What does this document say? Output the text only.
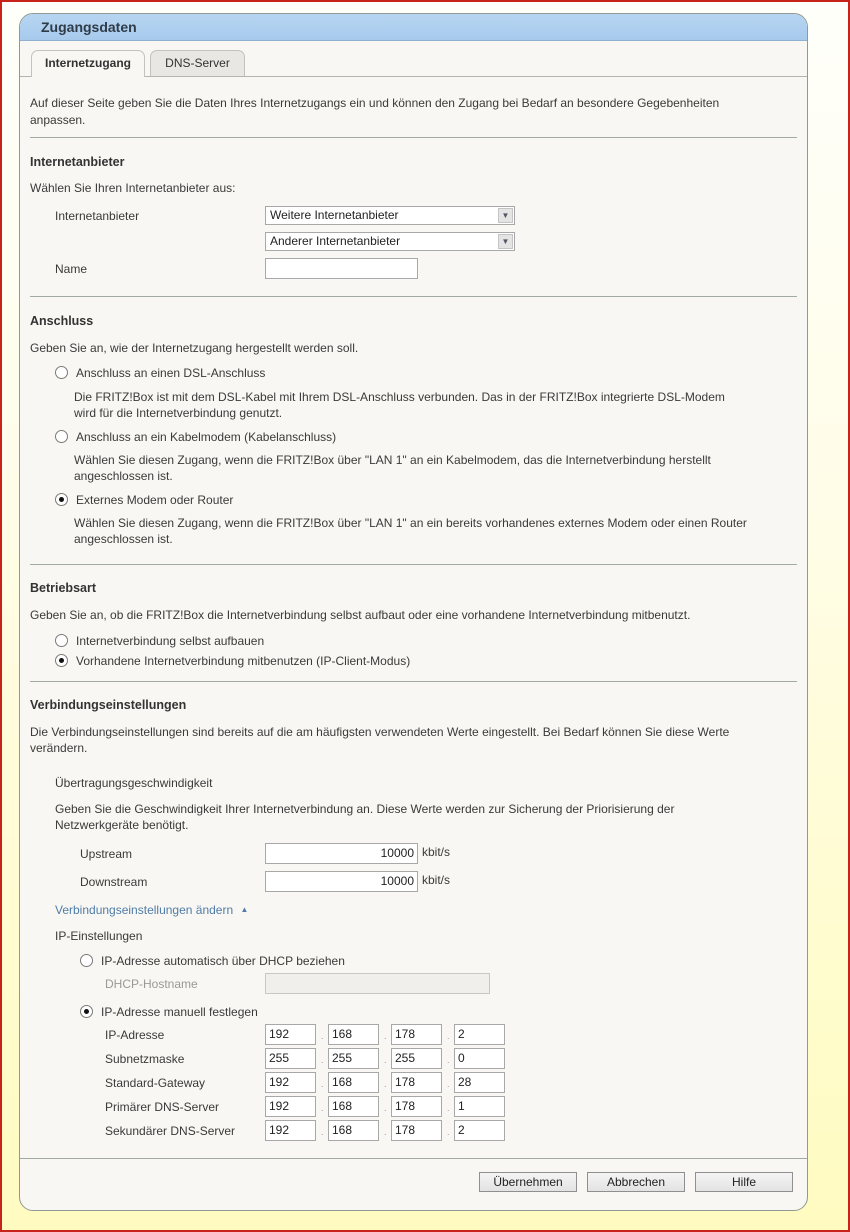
Zugangsdaten
Internetzugang	DNS-Server
Auf dieser Seite geben Sie die Daten Ihres Internetzugangs ein und können den Zugang bei Bedarf an besondere Gegebenheiten
anpassen.
Internetanbieter
Wählen Sie Ihren Internetanbieter aus:
Internetanbieter	Weitere Internetanbieter	▼
Anderer Internetanbieter	▼
Name
Anschluss
Geben Sie an, wie der Internetzugang hergestellt werden soll.
Anschluss an einen DSL-Anschluss
Die FRITZ!Box ist mit dem DSL-Kabel mit Ihrem DSL-Anschluss verbunden. Das in der FRITZ!Box integrierte DSL-Modem
wird für die Internetverbindung genutzt.
Anschluss an ein Kabelmodem (Kabelanschluss)
Wählen Sie diesen Zugang, wenn die FRITZ!Box über "LAN 1" an ein Kabelmodem, das die Internetverbindung herstellt
angeschlossen ist.
Externes Modem oder Router
Wählen Sie diesen Zugang, wenn die FRITZ!Box über "LAN 1" an ein bereits vorhandenes externes Modem oder einen Router
angeschlossen ist.
Betriebsart
Geben Sie an, ob die FRITZ!Box die Internetverbindung selbst aufbaut oder eine vorhandene Internetverbindung mitbenutzt.
Internetverbindung selbst aufbauen
Vorhandene Internetverbindung mitbenutzen (IP-Client-Modus)
Verbindungseinstellungen
Die Verbindungseinstellungen sind bereits auf die am häufigsten verwendeten Werte eingestellt. Bei Bedarf können Sie diese Werte
verändern.
Übertragungsgeschwindigkeit
Geben Sie die Geschwindigkeit Ihrer Internetverbindung an. Diese Werte werden zur Sicherung der Priorisierung der
Netzwerkgeräte benötigt.
Upstream	10000 kbit/s
Downstream	10000 kbit/s
Verbindungseinstellungen ändern ▲
IP-Einstellungen
IP-Adresse automatisch über DHCP beziehen
DHCP-Hostname
IP-Adresse manuell festlegen
IP-Adresse	192	. 168	. 178	. 2
Subnetzmaske	255	. 255	. 255	. 0
Standard-Gateway	192	. 168	. 178	. 28
Primärer DNS-Server	192	. 168	. 178	. 1
Sekundärer DNS-Server	192	. 168	. 178	. 2
Übernehmen	Abbrechen	Hilfe
